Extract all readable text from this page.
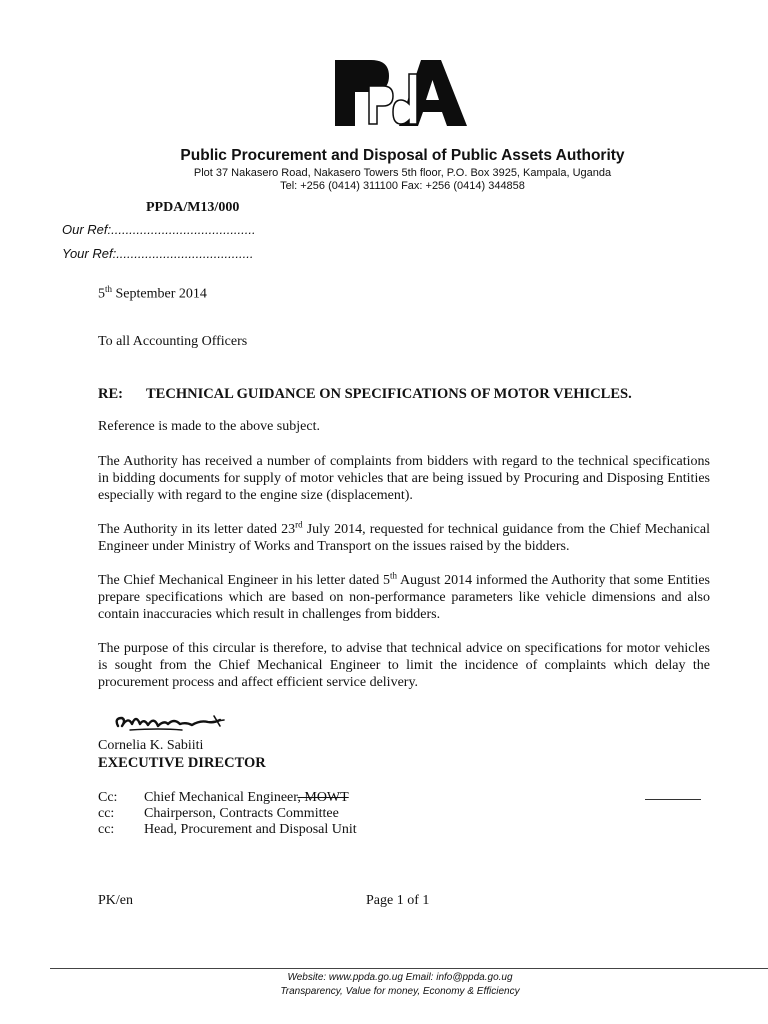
Public Procurement and Disposal of Public Assets Authority
Plot 37 Nakasero Road, Nakasero Towers 5th floor, P.O. Box 3925, Kampala, Uganda
Tel: +256 (0414) 311100 Fax: +256 (0414) 344858
PPDA/M13/000
Our Ref:........................................
Your Ref:......................................
5th September 2014
To all Accounting Officers
RE: TECHNICAL GUIDANCE ON SPECIFICATIONS OF MOTOR VEHICLES.
Reference is made to the above subject.
The Authority has received a number of complaints from bidders with regard to the technical specifications in bidding documents for supply of motor vehicles that are being issued by Procuring and Disposing Entities especially with regard to the engine size (displacement).
The Authority in its letter dated 23rd July 2014, requested for technical guidance from the Chief Mechanical Engineer under Ministry of Works and Transport on the issues raised by the bidders.
The Chief Mechanical Engineer in his letter dated 5th August 2014 informed the Authority that some Entities prepare specifications which are based on non-performance parameters like vehicle dimensions and also contain inaccuracies which result in challenges from bidders.
The purpose of this circular is therefore, to advise that technical advice on specifications for motor vehicles is sought from the Chief Mechanical Engineer to limit the incidence of complaints which delay the procurement process and affect efficient service delivery.
Cornelia K. Sabiiti
EXECUTIVE DIRECTOR
Cc: Chief Mechanical Engineer, MOWT
cc: Chairperson, Contracts Committee
cc: Head, Procurement and Disposal Unit
PK/en	Page 1 of 1
Website: www.ppda.go.ug Email: info@ppda.go.ug
Transparency, Value for money, Economy & Efficiency
